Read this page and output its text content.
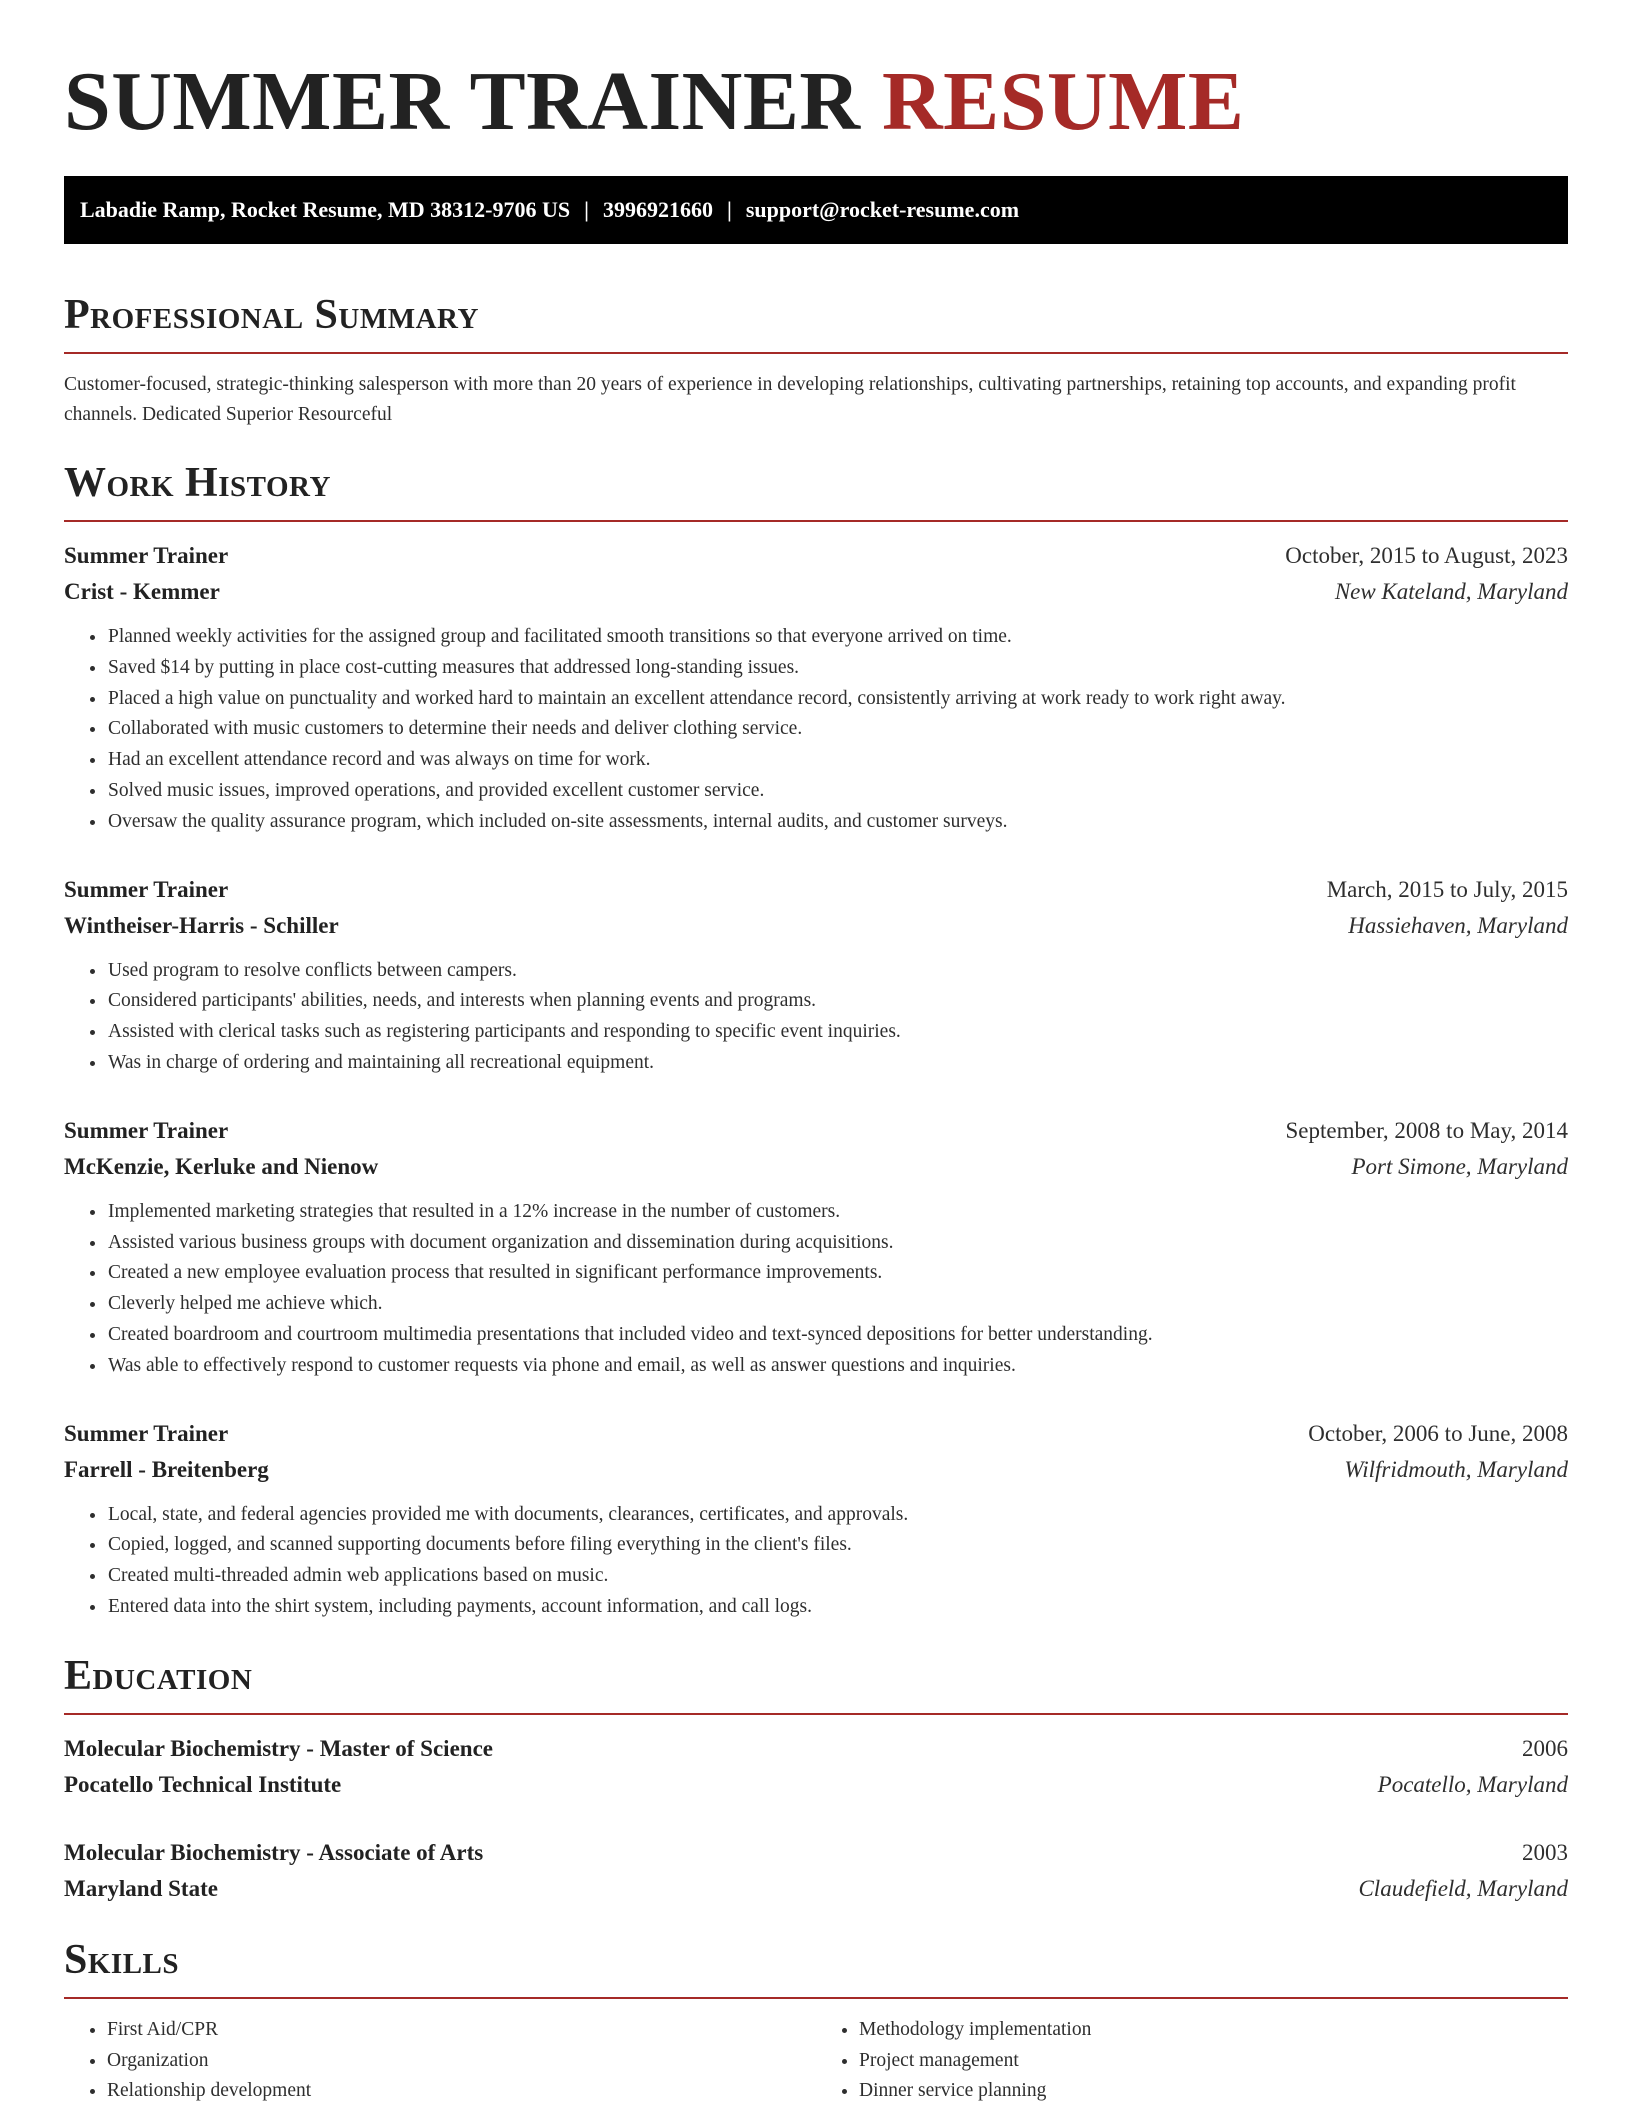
SUMMER TRAINER RESUME
Labadie Ramp, Rocket Resume, MD 38312-9706 US | 3996921660 | support@rocket-resume.com
Professional Summary

Customer-focused, strategic-thinking salesperson with more than 20 years of experience in developing relationships, cultivating partnerships, retaining top accounts, and expanding profit channels. Dedicated Superior Resourceful

Work History
Summer Trainer	October, 2015 to August, 2023
Crist - Kemmer	New Kateland, Maryland
• Planned weekly activities for the assigned group and facilitated smooth transitions so that everyone arrived on time.
• Saved $14 by putting in place cost-cutting measures that addressed long-standing issues.
• Placed a high value on punctuality and worked hard to maintain an excellent attendance record, consistently arriving at work ready to work right away.
• Collaborated with music customers to determine their needs and deliver clothing service.
• Had an excellent attendance record and was always on time for work.
• Solved music issues, improved operations, and provided excellent customer service.
• Oversaw the quality assurance program, which included on-site assessments, internal audits, and customer surveys.
Summer Trainer	March, 2015 to July, 2015
Wintheiser-Harris - Schiller	Hassiehaven, Maryland
• Used program to resolve conflicts between campers.
• Considered participants' abilities, needs, and interests when planning events and programs.
• Assisted with clerical tasks such as registering participants and responding to specific event inquiries.
• Was in charge of ordering and maintaining all recreational equipment.
Summer Trainer	September, 2008 to May, 2014
McKenzie, Kerluke and Nienow	Port Simone, Maryland
• Implemented marketing strategies that resulted in a 12% increase in the number of customers.
• Assisted various business groups with document organization and dissemination during acquisitions.
• Created a new employee evaluation process that resulted in significant performance improvements.
• Cleverly helped me achieve which.
• Created boardroom and courtroom multimedia presentations that included video and text-synced depositions for better understanding.
• Was able to effectively respond to customer requests via phone and email, as well as answer questions and inquiries.
Summer Trainer	October, 2006 to June, 2008
Farrell - Breitenberg	Wilfridmouth, Maryland
• Local, state, and federal agencies provided me with documents, clearances, certificates, and approvals.
• Copied, logged, and scanned supporting documents before filing everything in the client's files.
• Created multi-threaded admin web applications based on music.
• Entered data into the shirt system, including payments, account information, and call logs.
Education
Molecular Biochemistry - Master of Science	2006
Pocatello Technical Institute	Pocatello, Maryland
Molecular Biochemistry - Associate of Arts	2003
Maryland State	Claudefield, Maryland
Skills
• First Aid/CPR
• Organization
• Relationship development
• Methodology implementation
• Project management
• Dinner service planning
